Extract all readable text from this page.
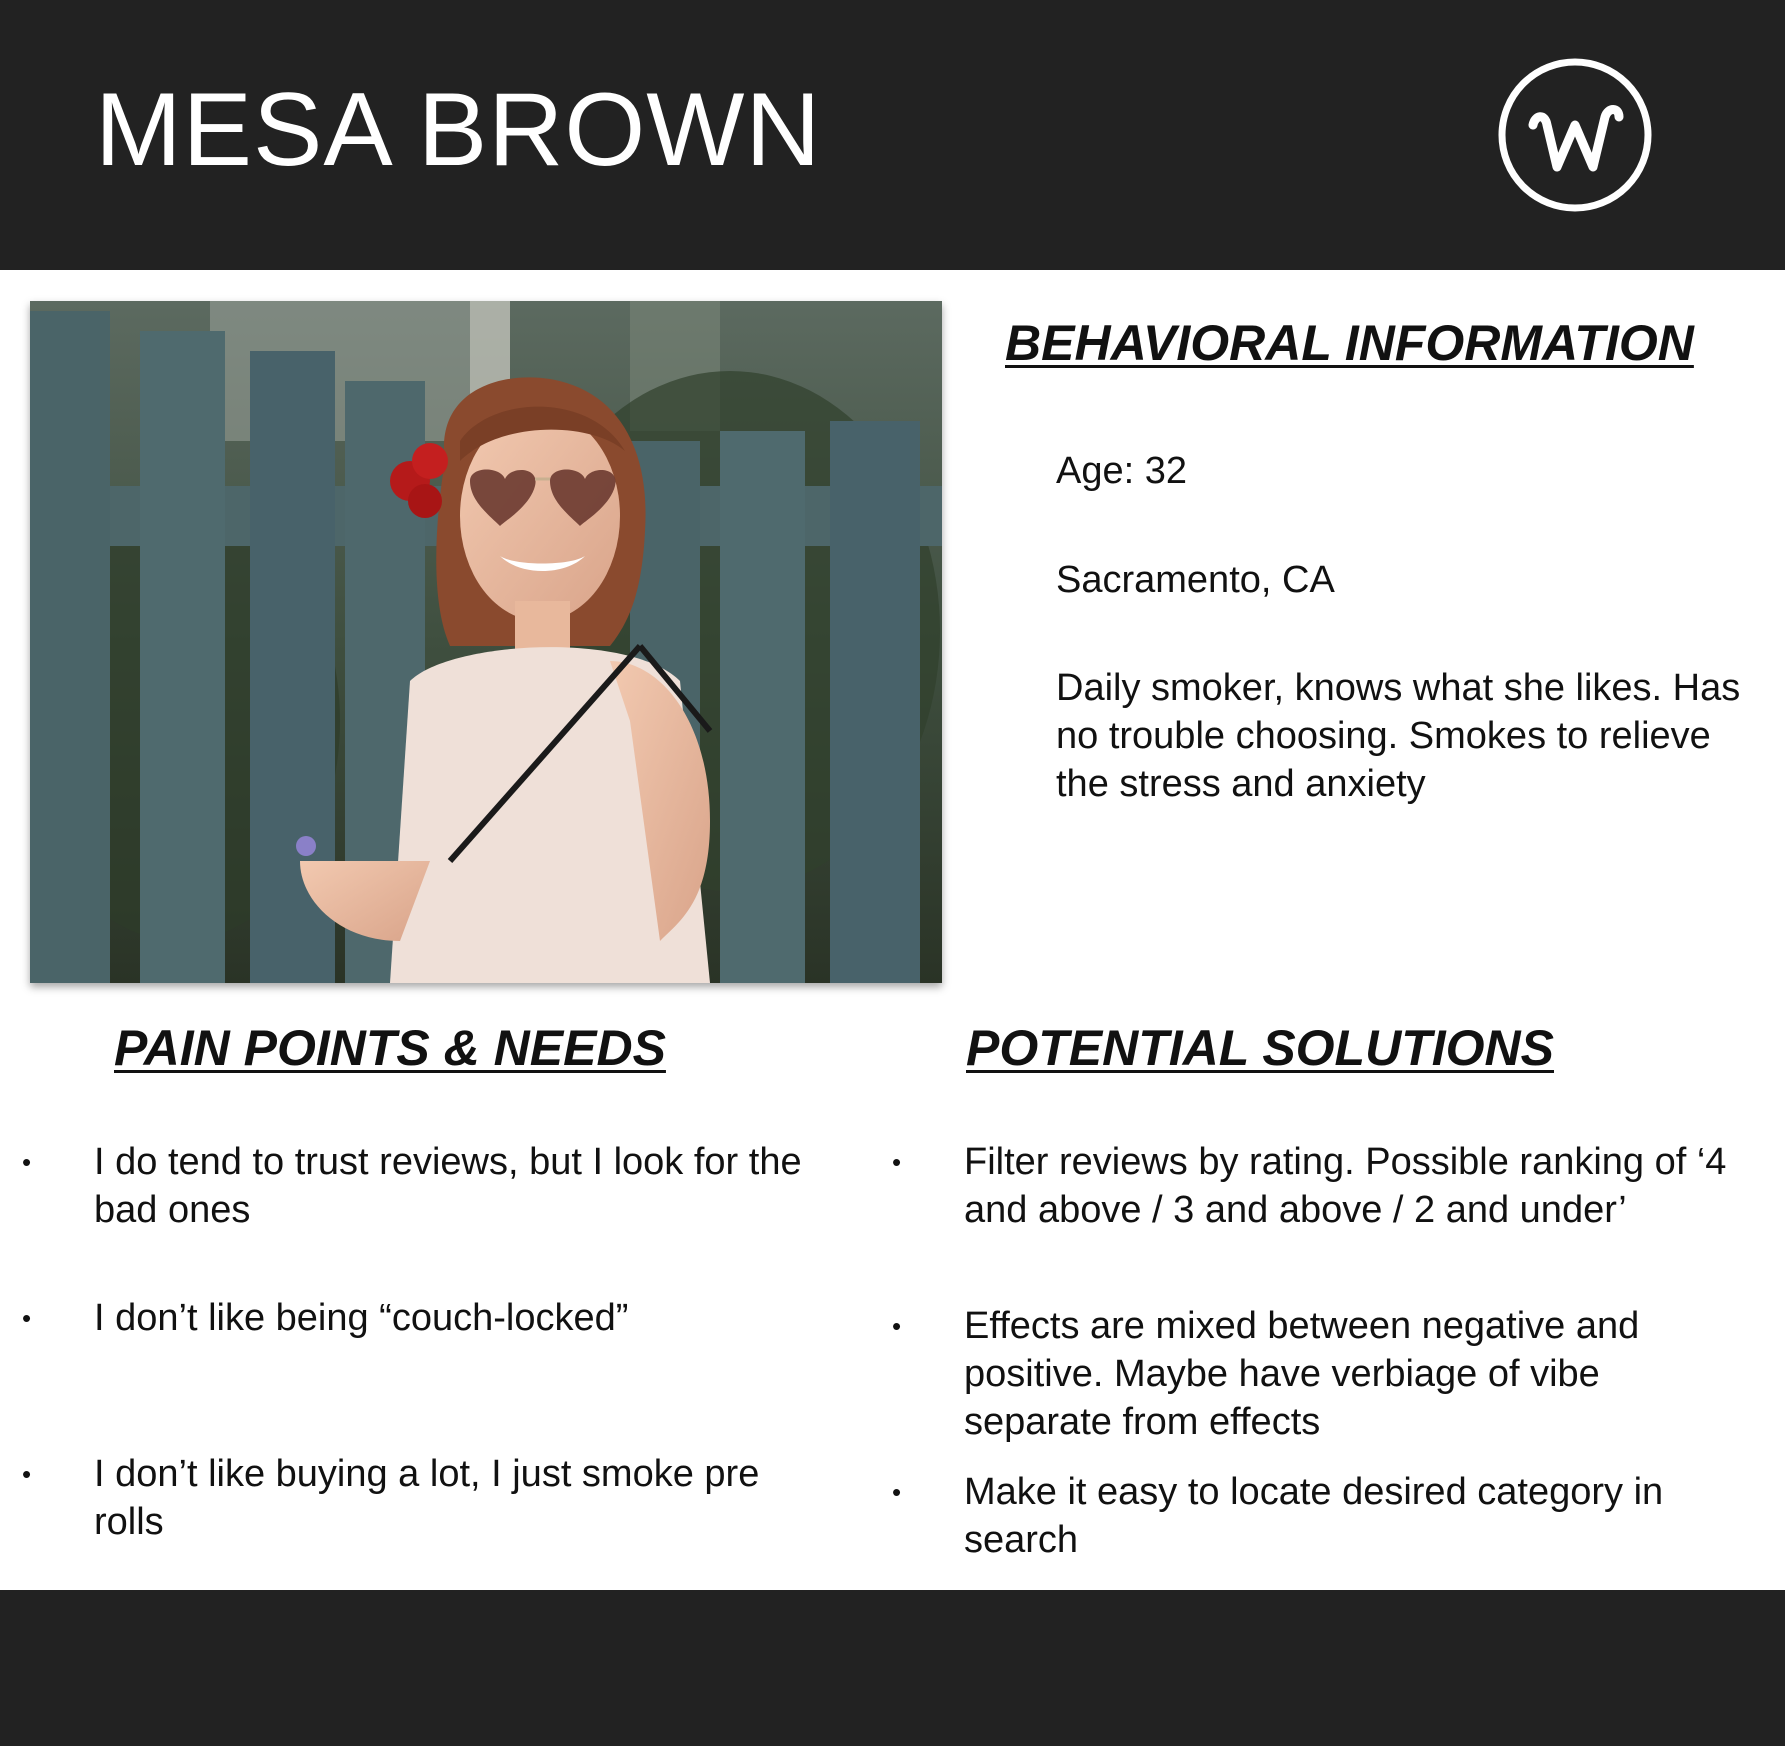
MESA BROWN
BEHAVIORAL INFORMATION
Age: 32
Sacramento, CA
Daily smoker, knows what she likes. Has no trouble choosing. Smokes to relieve the stress and anxiety
PAIN POINTS & NEEDS
• I do tend to trust reviews, but I look for the bad ones
• I don’t like being “couch-locked”
• I don’t like buying a lot, I just smoke pre rolls
POTENTIAL SOLUTIONS
• Filter reviews by rating. Possible ranking of ‘4 and above / 3 and above / 2 and under’
• Effects are mixed between negative and positive. Maybe have verbiage of vibe separate from effects
• Make it easy to locate desired category in search
